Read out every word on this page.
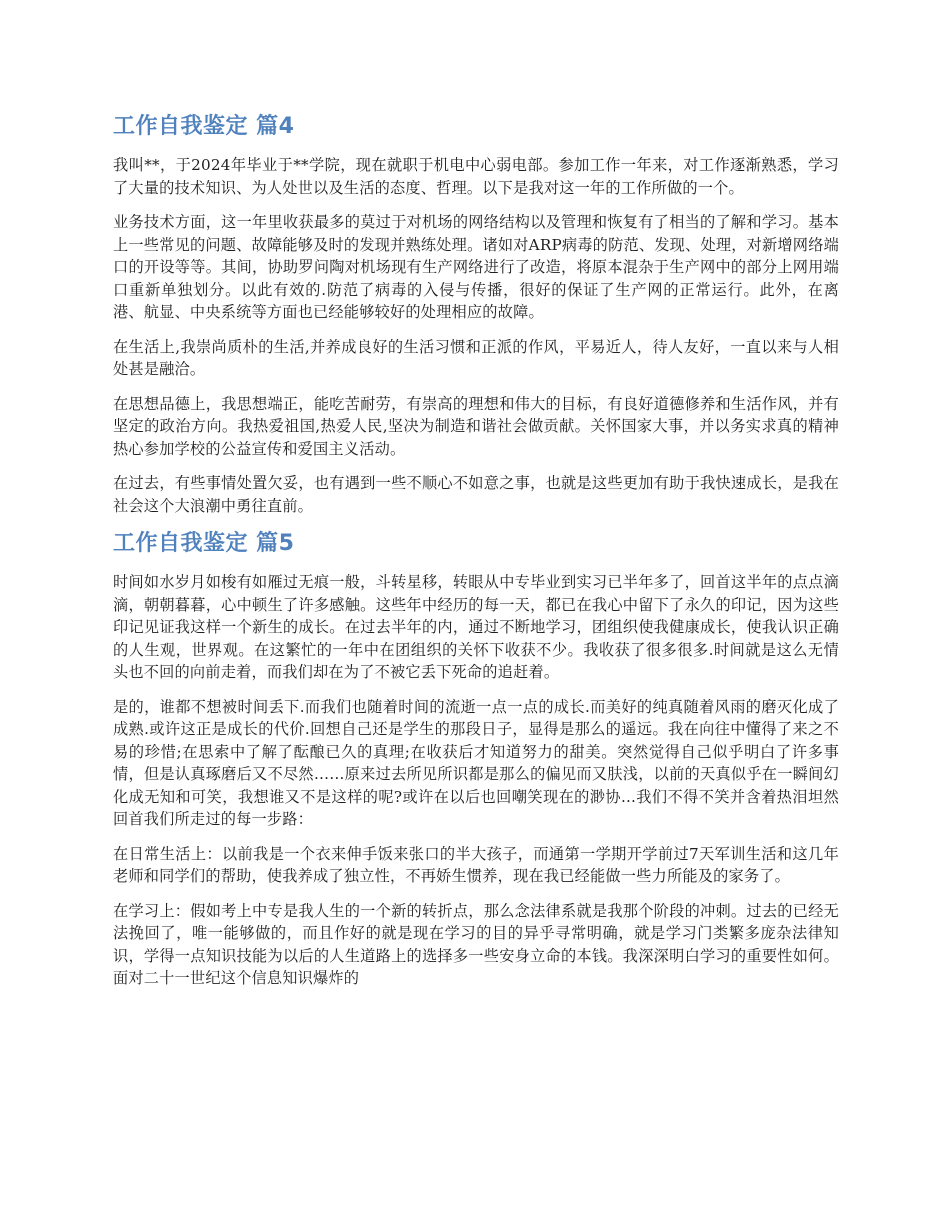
工作自我鉴定 篇4

我叫**，于2024年毕业于**学院，现在就职于机电中心弱电部。参加工作一年来，对工作逐渐熟悉，学习了大量的技术知识、为人处世以及生活的态度、哲理。以下是我对这一年的工作所做的一个。

业务技术方面，这一年里收获最多的莫过于对机场的网络结构以及管理和恢复有了相当的了解和学习。基本上一些常见的问题、故障能够及时的发现并熟练处理。诸如对ARP病毒的防范、发现、处理，对新增网络端口的开设等等。其间，协助罗问陶对机场现有生产网络进行了改造，将原本混杂于生产网中的部分上网用端口重新单独划分。以此有效的.防范了病毒的入侵与传播，很好的保证了生产网的正常运行。此外，在离港、航显、中央系统等方面也已经能够较好的处理相应的故障。

在生活上,我崇尚质朴的生活,并养成良好的生活习惯和正派的作风，平易近人，待人友好，一直以来与人相处甚是融洽。

在思想品德上，我思想端正，能吃苦耐劳，有崇高的理想和伟大的目标，有良好道德修养和生活作风，并有坚定的政治方向。我热爱祖国,热爱人民,坚决为制造和谐社会做贡献。关怀国家大事，并以务实求真的精神热心参加学校的公益宣传和爱国主义活动。

在过去，有些事情处置欠妥，也有遇到一些不顺心不如意之事，也就是这些更加有助于我快速成长，是我在社会这个大浪潮中勇往直前。

工作自我鉴定 篇5

时间如水岁月如梭有如雁过无痕一般，斗转星移，转眼从中专毕业到实习已半年多了，回首这半年的点点滴滴，朝朝暮暮，心中顿生了许多感触。这些年中经历的每一天，都已在我心中留下了永久的印记，因为这些印记见证我这样一个新生的成长。在过去半年的内，通过不断地学习，团组织使我健康成长，使我认识正确的人生观，世界观。在这繁忙的一年中在团组织的关怀下收获不少。我收获了很多很多.时间就是这么无情头也不回的向前走着，而我们却在为了不被它丢下死命的追赶着。

是的，谁都不想被时间丢下.而我们也随着时间的流逝一点一点的成长.而美好的纯真随着风雨的磨灭化成了成熟.或许这正是成长的代价.回想自己还是学生的那段日子，显得是那么的遥远。我在向往中懂得了来之不易的珍惜;在思索中了解了酝酿已久的真理;在收获后才知道努力的甜美。突然觉得自己似乎明白了许多事情，但是认真琢磨后又不尽然……原来过去所见所识都是那么的偏见而又肤浅，以前的天真似乎在一瞬间幻化成无知和可笑，我想谁又不是这样的呢?或许在以后也回嘲笑现在的渺协...我们不得不笑并含着热泪坦然回首我们所走过的每一步路：

在日常生活上：以前我是一个衣来伸手饭来张口的半大孩子，而通第一学期开学前过7天军训生活和这几年老师和同学们的帮助，使我养成了独立性，不再娇生惯养，现在我已经能做一些力所能及的家务了。

在学习上：假如考上中专是我人生的一个新的转折点，那么念法律系就是我那个阶段的冲刺。过去的已经无法挽回了，唯一能够做的，而且作好的就是现在学习的目的异乎寻常明确，就是学习门类繁多庞杂法律知识，学得一点知识技能为以后的人生道路上的选择多一些安身立命的本钱。我深深明白学习的重要性如何。面对二十一世纪这个信息知识爆炸的
